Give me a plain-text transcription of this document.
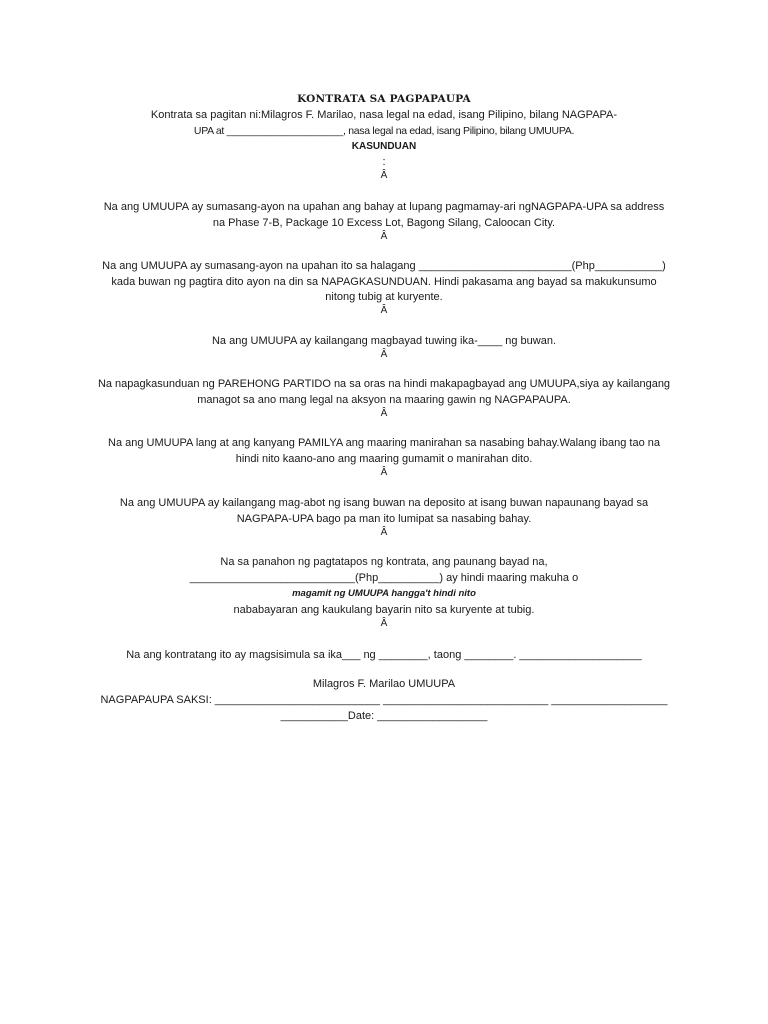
KONTRATA SA PAGPAPAUPA
Kontrata sa pagitan ni:Milagros F. Marilao, nasa legal na edad, isang Pilipino, bilang NAGPAPA-
UPA at _____________________, nasa legal na edad, isang Pilipino, bilang UMUUPA.
KASUNDUAN
:
Â
Na ang UMUUPA ay sumasang-ayon na upahan ang bahay at lupang pagmamay-ari ngNAGPAPA-UPA sa address
na Phase 7-B, Package 10 Excess Lot, Bagong Silang, Caloocan City.
Â
Na ang UMUUPA ay sumasang-ayon na upahan ito sa halagang _________________________(Php___________)
kada buwan ng pagtira dito ayon na din sa NAPAGKASUNDUAN. Hindi pakasama ang bayad sa makukunsumo
nitong tubig at kuryente.
Â
Na ang UMUUPA ay kailangang magbayad tuwing ika-____ ng buwan.
Â
Na napagkasunduan ng PAREHONG PARTIDO na sa oras na hindi makapagbayad ang UMUUPA,siya ay kailangang
managot sa ano mang legal na aksyon na maaring gawin ng NAGPAPAUPA.
Â
Na ang UMUUPA lang at ang kanyang PAMILYA ang maaring manirahan sa nasabing bahay.Walang ibang tao na
hindi nito kaano-ano ang maaring gumamit o manirahan dito.
Â
Na ang UMUUPA ay kailangang mag-abot ng isang buwan na deposito at isang buwan napaunang bayad sa
NAGPAPA-UPA bago pa man ito lumipat sa nasabing bahay.
Â
Na sa panahon ng pagtatapos ng kontrata, ang paunang bayad na,
___________________________(Php__________) ay hindi maaring makuha o
magamit ng UMUUPA hangga't hindi nito
nababayaran ang kaukulang bayarin nito sa kuryente at tubig.
Â
Na ang kontratang ito ay magsisimula sa ika___ ng ________, taong ________. ____________________
Milagros F. Marilao UMUUPA
NAGPAPAUPA SAKSI: ___________________________ ___________________________ ___________________
___________Date: __________________
